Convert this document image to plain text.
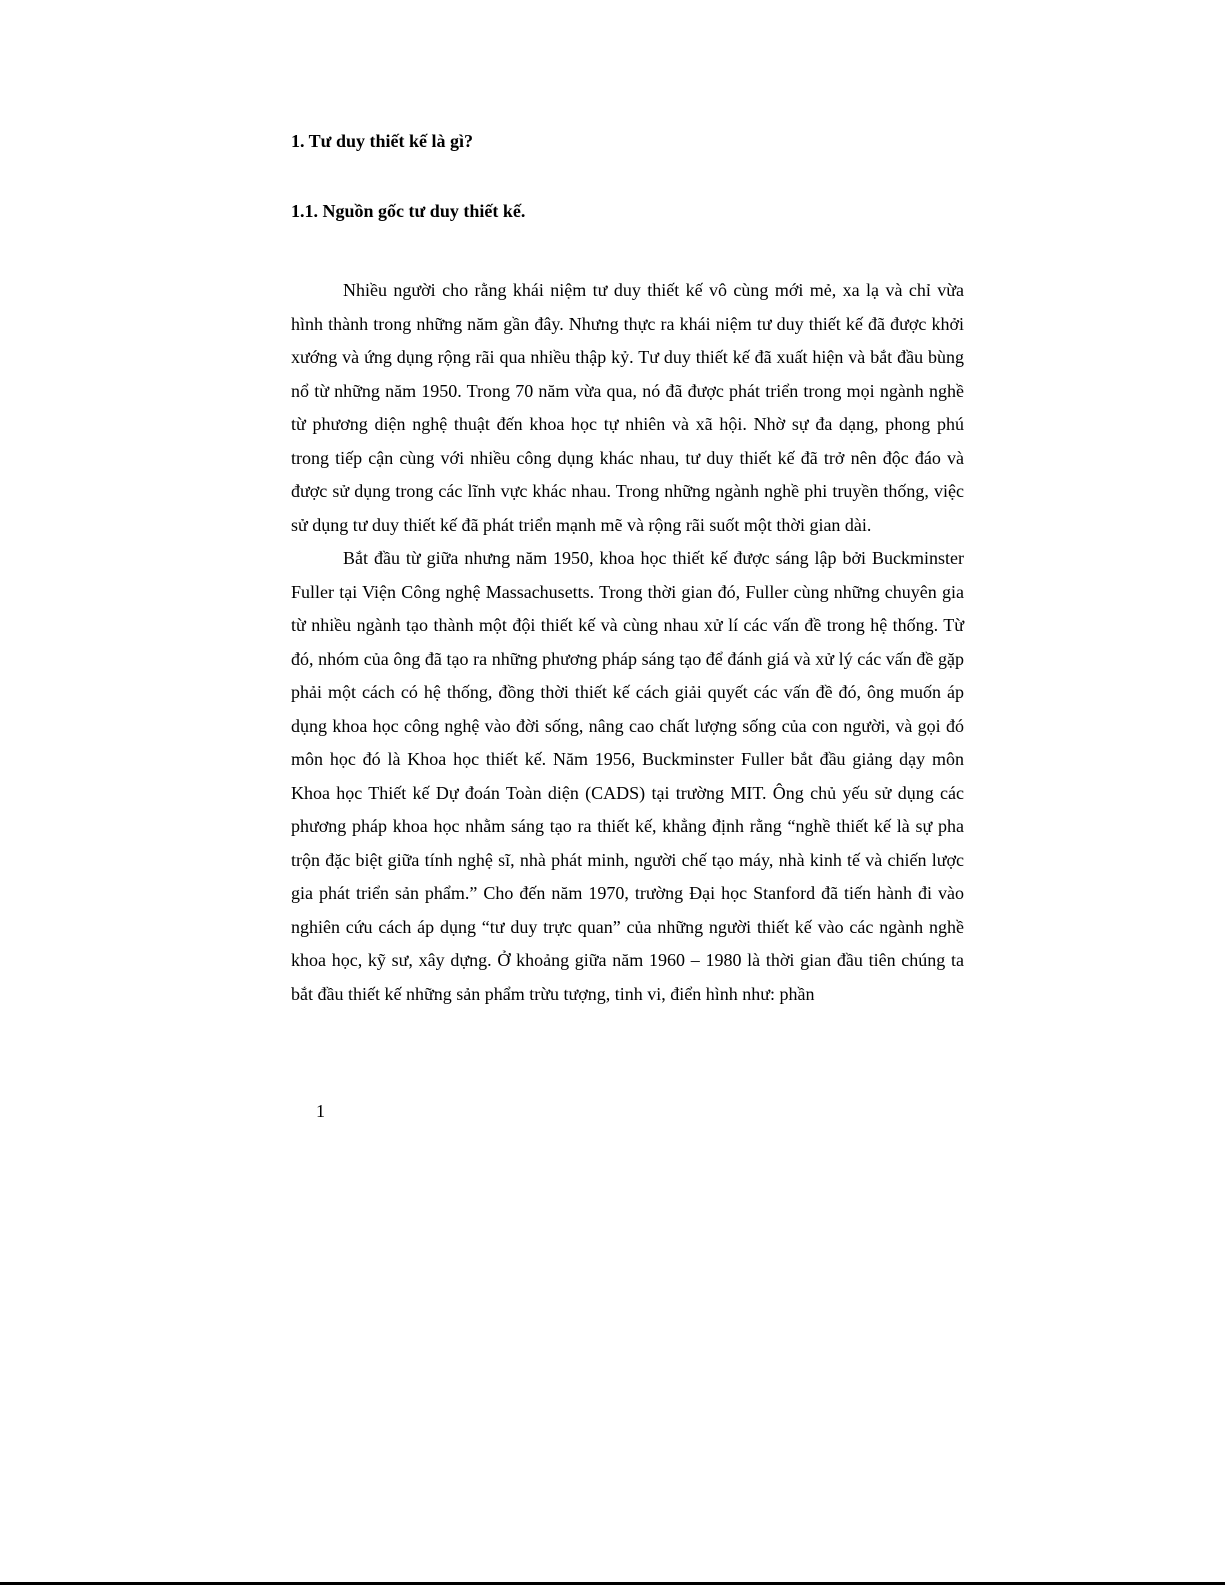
1. Tư duy thiết kế là gì?
1.1. Nguồn gốc tư duy thiết kế.

Nhiều người cho rằng khái niệm tư duy thiết kế vô cùng mới mẻ, xa lạ và chỉ vừa hình thành trong những năm gần đây. Nhưng thực ra khái niệm tư duy thiết kế đã được khởi xướng và ứng dụng rộng rãi qua nhiều thập kỷ. Tư duy thiết kế đã xuất hiện và bắt đầu bùng nổ từ những năm 1950. Trong 70 năm vừa qua, nó đã được phát triển trong mọi ngành nghề từ phương diện nghệ thuật đến khoa học tự nhiên và xã hội. Nhờ sự đa dạng, phong phú trong tiếp cận cùng với nhiều công dụng khác nhau, tư duy thiết kế đã trở nên độc đáo và được sử dụng trong các lĩnh vực khác nhau. Trong những ngành nghề phi truyền thống, việc sử dụng tư duy thiết kế đã phát triển mạnh mẽ và rộng rãi suốt một thời gian dài.

Bắt đầu từ giữa nhưng năm 1950, khoa học thiết kế được sáng lập bởi Buckminster Fuller tại Viện Công nghệ Massachusetts. Trong thời gian đó, Fuller cùng những chuyên gia từ nhiều ngành tạo thành một đội thiết kế và cùng nhau xử lí các vấn đề trong hệ thống. Từ đó, nhóm của ông đã tạo ra những phương pháp sáng tạo để đánh giá và xử lý các vấn đề gặp phải một cách có hệ thống, đồng thời thiết kế cách giải quyết các vấn đề đó, ông muốn áp dụng khoa học công nghệ vào đời sống, nâng cao chất lượng sống của con người, và gọi đó môn học đó là Khoa học thiết kế. Năm 1956, Buckminster Fuller bắt đầu giảng dạy môn Khoa học Thiết kế Dự đoán Toàn diện (CADS) tại trường MIT. Ông chủ yếu sử dụng các phương pháp khoa học nhằm sáng tạo ra thiết kế, khẳng định rằng “nghề thiết kế là sự pha trộn đặc biệt giữa tính nghệ sĩ, nhà phát minh, người chế tạo máy, nhà kinh tế và chiến lược gia phát triển sản phẩm.” Cho đến năm 1970, trường Đại học Stanford đã tiến hành đi vào nghiên cứu cách áp dụng “tư duy trực quan” của những người thiết kế vào các ngành nghề khoa học, kỹ sư, xây dựng. Ở khoảng giữa năm 1960 – 1980 là thời gian đầu tiên chúng ta bắt đầu thiết kế những sản phẩm trừu tượng, tinh vi, điển hình như: phần

1
